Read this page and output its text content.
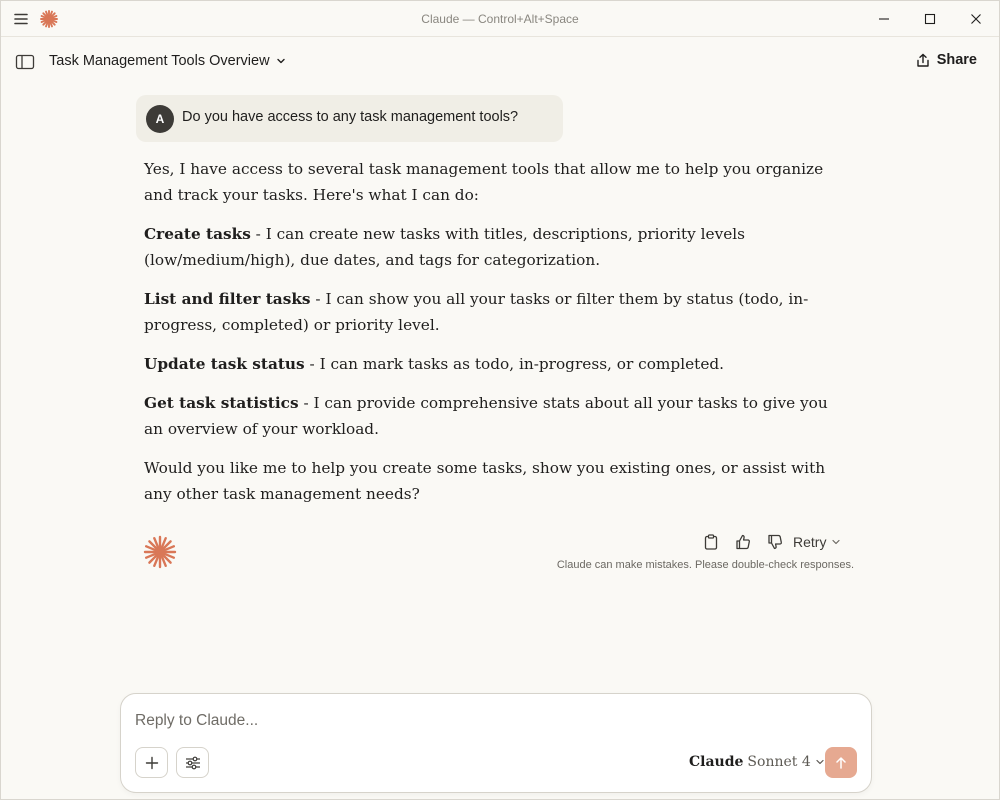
Claude — Control+Alt+Space
Task Management Tools Overview	Share
A	Do you have access to any task management tools?

Yes, I have access to several task management tools that allow me to help you organize and track your tasks. Here's what I can do:

Create tasks - I can create new tasks with titles, descriptions, priority levels (low/medium/high), due dates, and tags for categorization.

List and filter tasks - I can show you all your tasks or filter them by status (todo, in-progress, completed) or priority level.

Update task status - I can mark tasks as todo, in-progress, or completed.

Get task statistics - I can provide comprehensive stats about all your tasks to give you an overview of your workload.

Would you like me to help you create some tasks, show you existing ones, or assist with any other task management needs?

Retry
Claude can make mistakes. Please double-check responses.
Reply to Claude...
Claude Sonnet 4
